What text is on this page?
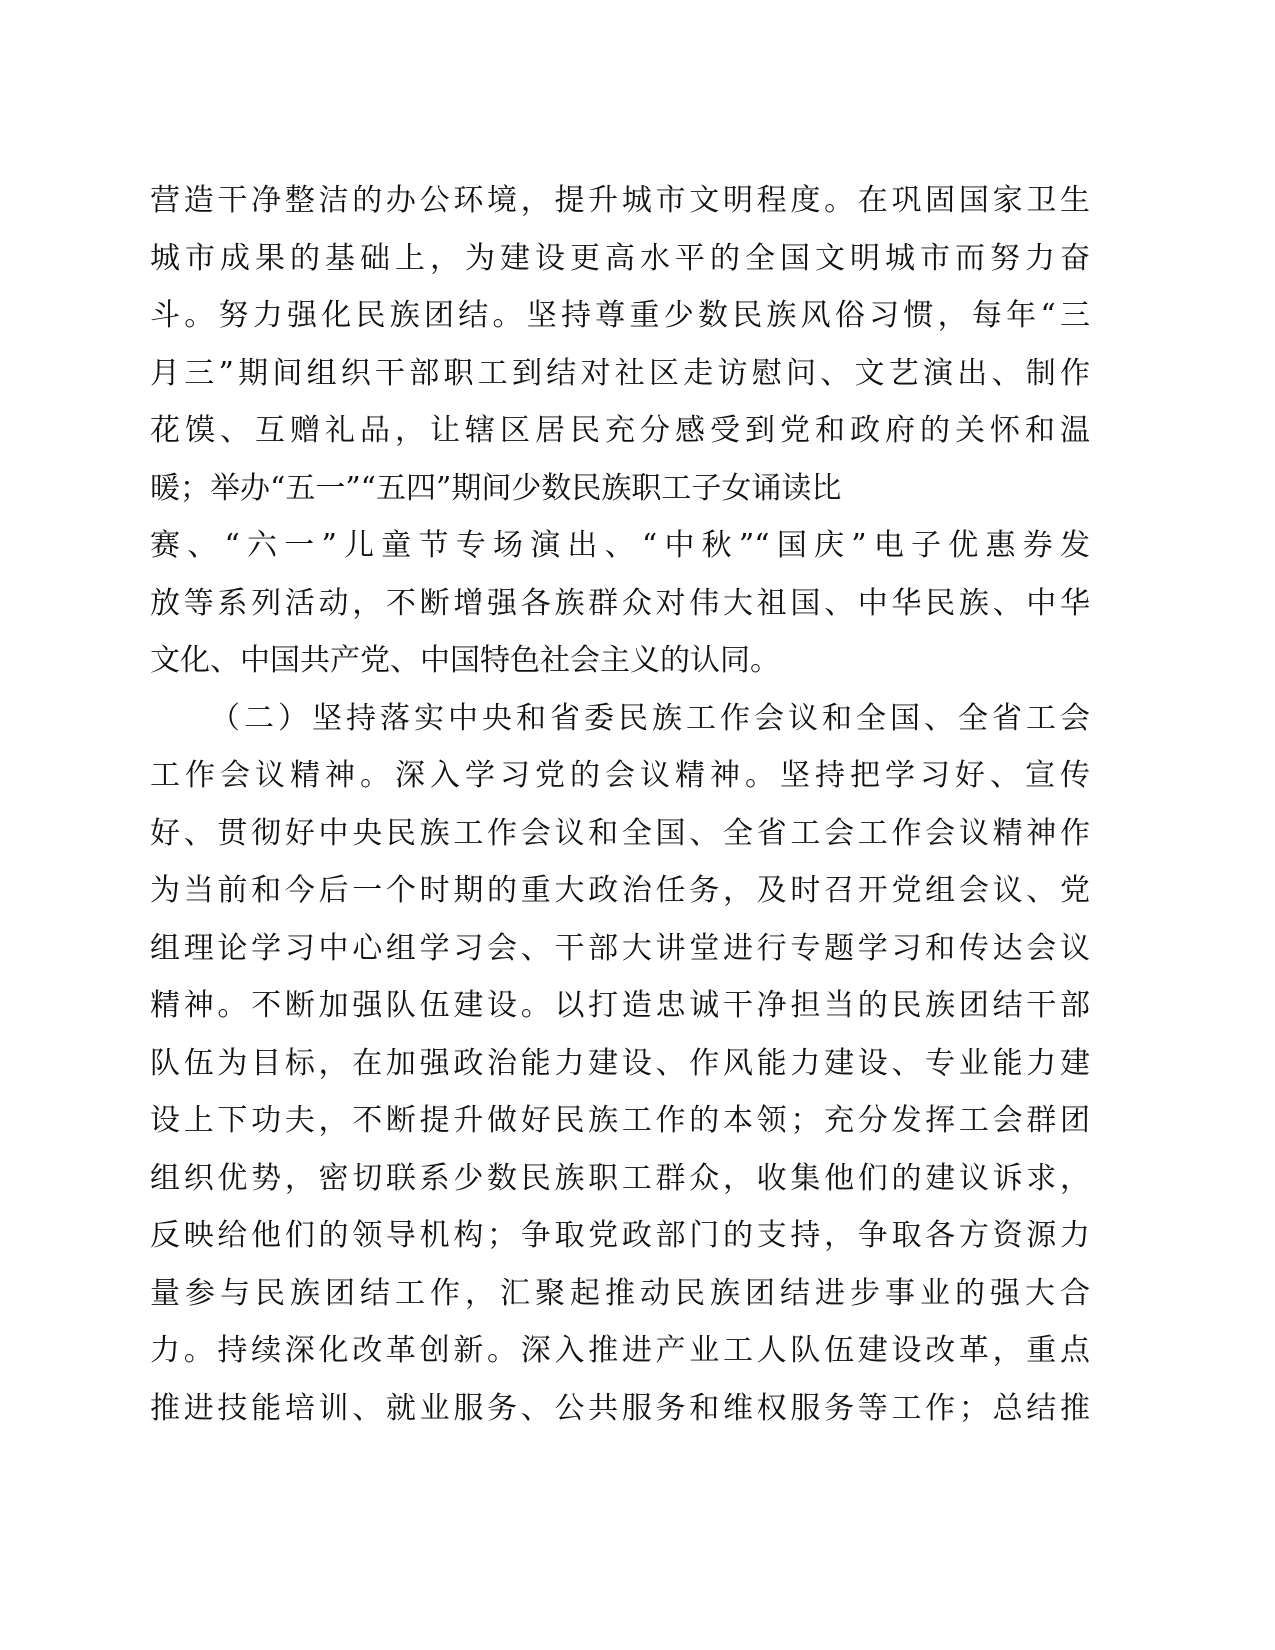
营造干净整洁的办公环境，提升城市文明程度。在巩固国家卫生
城市成果的基础上，为建设更高水平的全国文明城市而努力奋
斗。努力强化民族团结。坚持尊重少数民族风俗习惯，每年“三
月三”期间组织干部职工到结对社区走访慰问、文艺演出、制作
花馍、互赠礼品，让辖区居民充分感受到党和政府的关怀和温
暖；举办“五一”“五四”期间少数民族职工子女诵读比
赛、“六一”儿童节专场演出、“中秋”“国庆”电子优惠券发
放等系列活动，不断增强各族群众对伟大祖国、中华民族、中华
文化、中国共产党、中国特色社会主义的认同。
（二）坚持落实中央和省委民族工作会议和全国、全省工会
工作会议精神。深入学习党的会议精神。坚持把学习好、宣传
好、贯彻好中央民族工作会议和全国、全省工会工作会议精神作
为当前和今后一个时期的重大政治任务，及时召开党组会议、党
组理论学习中心组学习会、干部大讲堂进行专题学习和传达会议
精神。不断加强队伍建设。以打造忠诚干净担当的民族团结干部
队伍为目标，在加强政治能力建设、作风能力建设、专业能力建
设上下功夫，不断提升做好民族工作的本领；充分发挥工会群团
组织优势，密切联系少数民族职工群众，收集他们的建议诉求，
反映给他们的领导机构；争取党政部门的支持，争取各方资源力
量参与民族团结工作，汇聚起推动民族团结进步事业的强大合
力。持续深化改革创新。深入推进产业工人队伍建设改革，重点
推进技能培训、就业服务、公共服务和维权服务等工作；总结推
